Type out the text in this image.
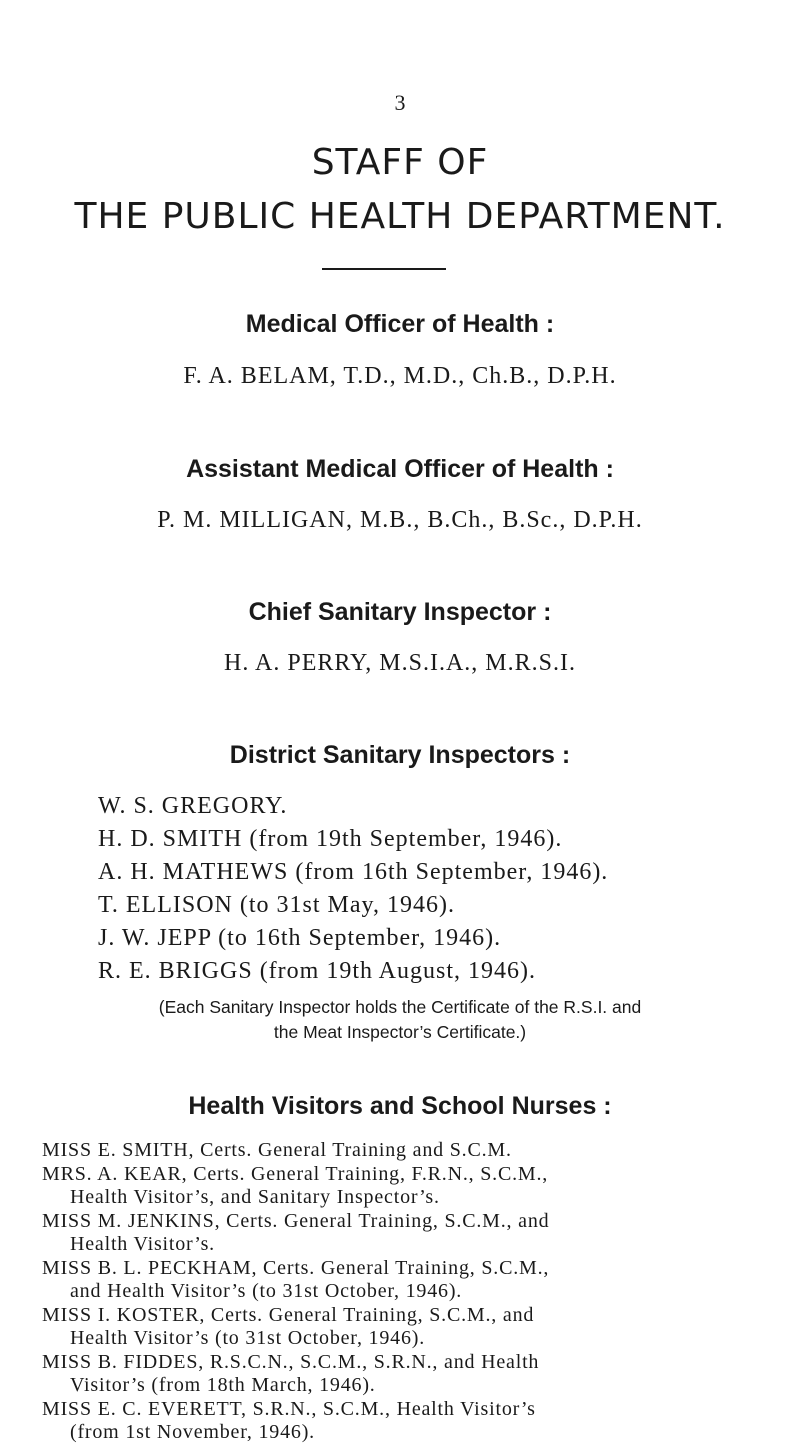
3
STAFF OF
THE PUBLIC HEALTH DEPARTMENT.
Medical Officer of Health :
F. A. BELAM, T.D., M.D., Ch.B., D.P.H.
Assistant Medical Officer of Health :
P. M. MILLIGAN, M.B., B.Ch., B.Sc., D.P.H.
Chief Sanitary Inspector :
H. A. PERRY, M.S.I.A., M.R.S.I.
District Sanitary Inspectors :
W. S. GREGORY.
H. D. SMITH (from 19th September, 1946).
A. H. MATHEWS (from 16th September, 1946).
T. ELLISON (to 31st May, 1946).
J. W. JEPP (to 16th September, 1946).
R. E. BRIGGS (from 19th August, 1946).
(Each Sanitary Inspector holds the Certificate of the R.S.I. and
the Meat Inspector’s Certificate.)
Health Visitors and School Nurses :
MISS E. SMITH, Certs. General Training and S.C.M.
MRS. A. KEAR, Certs. General Training, F.R.N., S.C.M.,
Health Visitor’s, and Sanitary Inspector’s.
MISS M. JENKINS, Certs. General Training, S.C.M., and
Health Visitor’s.
MISS B. L. PECKHAM, Certs. General Training, S.C.M.,
and Health Visitor’s (to 31st October, 1946).
MISS I. KOSTER, Certs. General Training, S.C.M., and
Health Visitor’s (to 31st October, 1946).
MISS B. FIDDES, R.S.C.N., S.C.M., S.R.N., and Health
Visitor’s (from 18th March, 1946).
MISS E. C. EVERETT, S.R.N., S.C.M., Health Visitor’s
(from 1st November, 1946).
